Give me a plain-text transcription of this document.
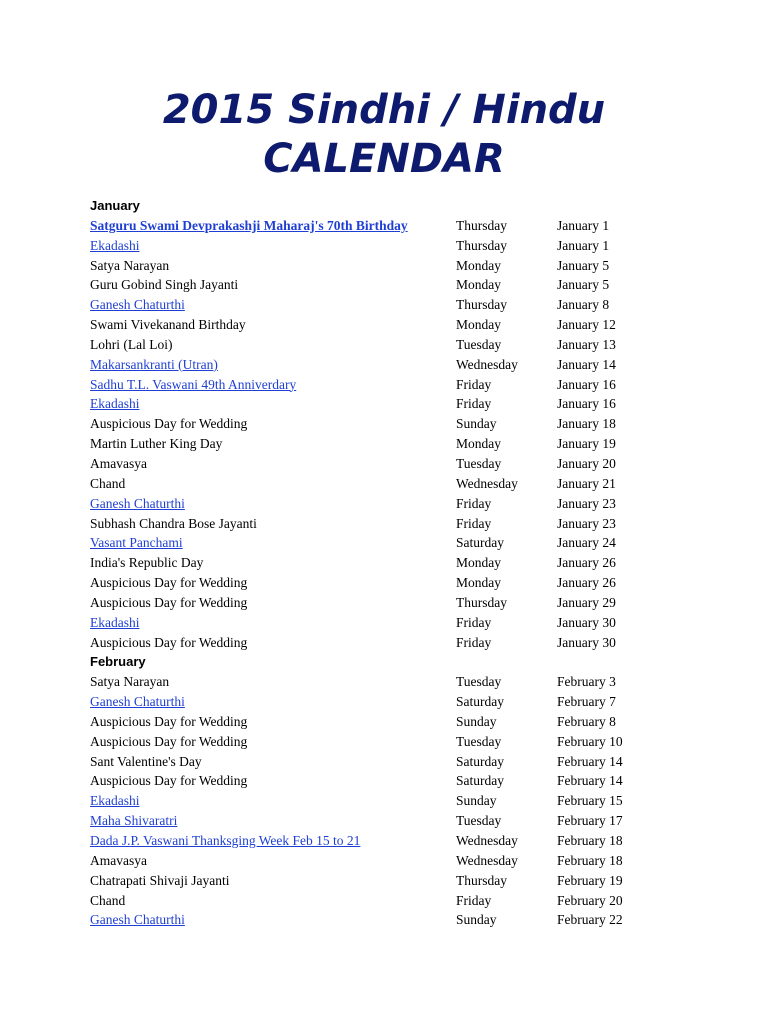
2015 Sindhi / Hindu
CALENDAR
January
Satguru Swami Devprakashji Maharaj's 70th Birthday	Thursday	January 1
Ekadashi	Thursday	January 1
Satya Narayan	Monday	January 5
Guru Gobind Singh Jayanti	Monday	January 5
Ganesh Chaturthi	Thursday	January 8
Swami Vivekanand Birthday	Monday	January 12
Lohri (Lal Loi)	Tuesday	January 13
Makarsankranti (Utran)	Wednesday	January 14
Sadhu T.L. Vaswani 49th Anniverdary	Friday	January 16
Ekadashi	Friday	January 16
Auspicious Day for Wedding	Sunday	January 18
Martin Luther King Day	Monday	January 19
Amavasya	Tuesday	January 20
Chand	Wednesday	January 21
Ganesh Chaturthi	Friday	January 23
Subhash Chandra Bose Jayanti	Friday	January 23
Vasant Panchami	Saturday	January 24
India's Republic Day	Monday	January 26
Auspicious Day for Wedding	Monday	January 26
Auspicious Day for Wedding	Thursday	January 29
Ekadashi	Friday	January 30
Auspicious Day for Wedding	Friday	January 30
February
Satya Narayan	Tuesday	February 3
Ganesh Chaturthi	Saturday	February 7
Auspicious Day for Wedding	Sunday	February 8
Auspicious Day for Wedding	Tuesday	February 10
Sant Valentine's Day	Saturday	February 14
Auspicious Day for Wedding	Saturday	February 14
Ekadashi	Sunday	February 15
Maha Shivaratri	Tuesday	February 17
Dada J.P. Vaswani Thanksging Week Feb 15 to 21	Wednesday	February 18
Amavasya	Wednesday	February 18
Chatrapati Shivaji Jayanti	Thursday	February 19
Chand	Friday	February 20
Ganesh Chaturthi	Sunday	February 22
